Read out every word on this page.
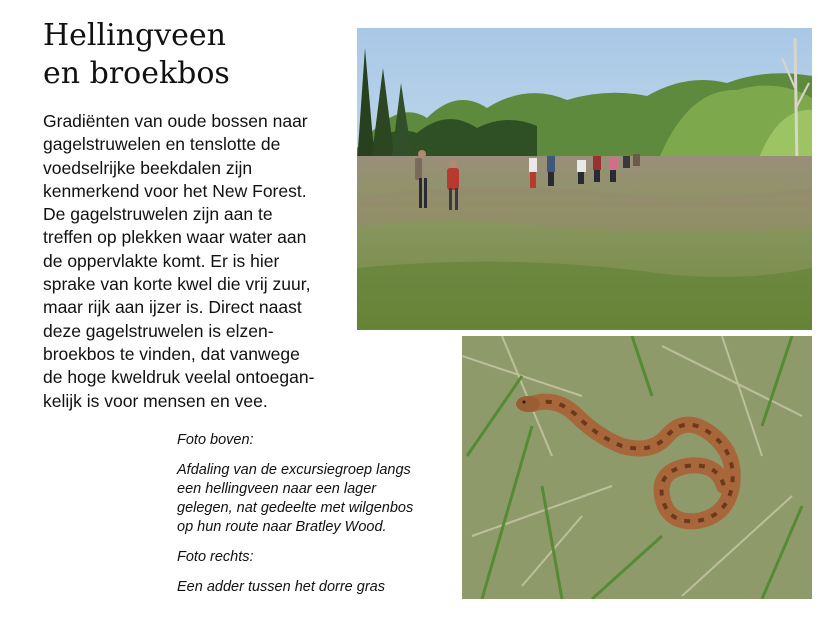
Hellingveen
en broekbos
Gradiënten van oude bossen naar
gagelstruwelen en tenslotte de
voedselrijke beekdalen zijn
kenmerkend voor het New Forest.
De gagelstruwelen zijn aan te
treffen op plekken waar water aan
de oppervlakte komt. Er is hier
sprake van korte kwel die vrij zuur,
maar rijk aan ijzer is. Direct naast
deze gagelstruwelen is elzen-
broekbos te vinden, dat vanwege
de hoge kweldruk veelal ontoegan-
kelijk is voor mensen en vee.

Foto boven:

Afdaling van de excursiegroep langs
een hellingveen naar een lager
gelegen, nat gedeelte met wilgenbos
op hun route naar Bratley Wood.

Foto rechts:

Een adder tussen het dorre gras
